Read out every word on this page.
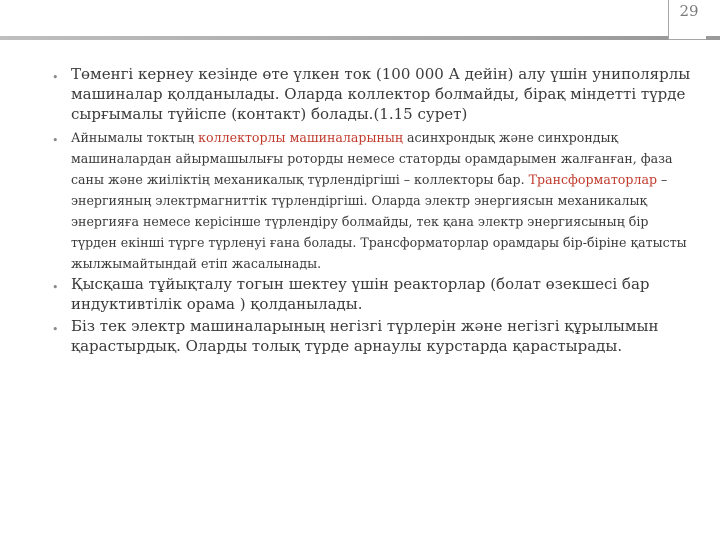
29
• Төменгі кернеу кезінде өте үлкен ток (100 000 А дейін) алу үшін униполярлы машиналар қолданылады. Оларда коллектор болмайды, бірақ міндетті түрде сырғымалы түйіспе (контакт) болады.(1.15 сурет)
• Айнымалы токтың коллекторлы машиналарының асинхрондық және синхрондық машиналардан айырмашылығы роторды немесе статорды орамдарымен жалғанған, фаза саны және жиіліктің механикалық түрлендіргіші – коллекторы бар. Трансформаторлар – энергияның электрмагниттік түрлендіргіші. Оларда электр энергиясын механикалық энергияға немесе керісінше түрлендіру болмайды, тек қана электр энергиясының бір түрден екінші түрге түрленуі ғана болады. Трансформаторлар орамдары бір-біріне қатысты жылжымайтындай етіп жасалынады.
• Қысқаша тұйықталу тогын шектеу үшін реакторлар (болат өзекшесі бар индуктивтілік орама ) қолданылады.
• Біз тек электр машиналарының негізгі түрлерін және негізгі құрылымын қарастырдық. Оларды толық түрде арнаулы курстарда қарастырады.
